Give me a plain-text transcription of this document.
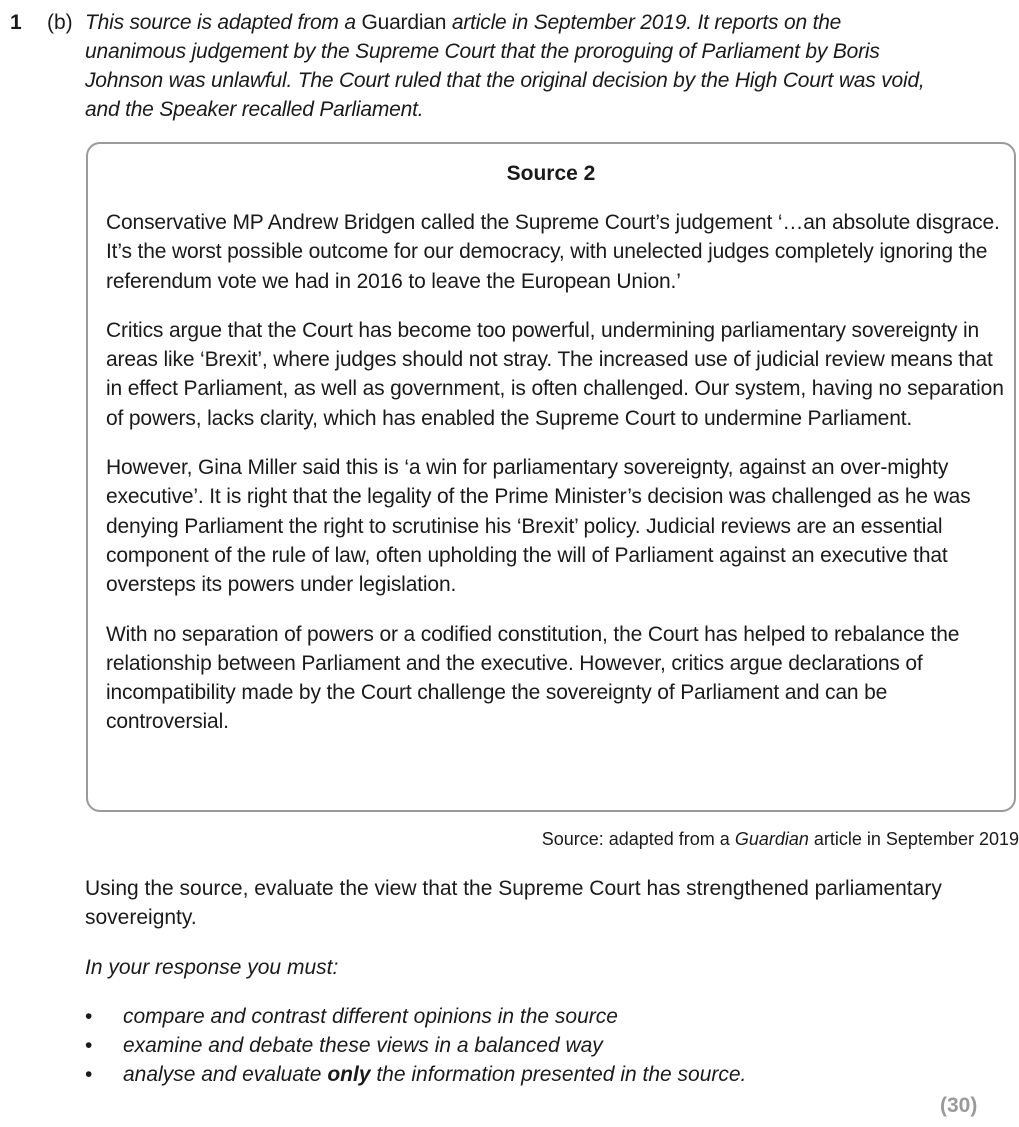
1 (b) This source is adapted from a Guardian article in September 2019. It reports on the unanimous judgement by the Supreme Court that the proroguing of Parliament by Boris Johnson was unlawful. The Court ruled that the original decision by the High Court was void, and the Speaker recalled Parliament.
Source 2

Conservative MP Andrew Bridgen called the Supreme Court’s judgement ‘…an absolute disgrace. It’s the worst possible outcome for our democracy, with unelected judges completely ignoring the referendum vote we had in 2016 to leave the European Union.’

Critics argue that the Court has become too powerful, undermining parliamentary sovereignty in areas like ‘Brexit’, where judges should not stray. The increased use of judicial review means that in effect Parliament, as well as government, is often challenged. Our system, having no separation of powers, lacks clarity, which has enabled the Supreme Court to undermine Parliament.

However, Gina Miller said this is ‘a win for parliamentary sovereignty, against an over-mighty executive’. It is right that the legality of the Prime Minister’s decision was challenged as he was denying Parliament the right to scrutinise his ‘Brexit’ policy. Judicial reviews are an essential component of the rule of law, often upholding the will of Parliament against an executive that oversteps its powers under legislation.

With no separation of powers or a codified constitution, the Court has helped to rebalance the relationship between Parliament and the executive. However, critics argue declarations of incompatibility made by the Court challenge the sovereignty of Parliament and can be controversial.

Source: adapted from a Guardian article in September 2019

Using the source, evaluate the view that the Supreme Court has strengthened parliamentary sovereignty.

In your response you must:

• compare and contrast different opinions in the source
• examine and debate these views in a balanced way
• analyse and evaluate only the information presented in the source.
(30)
